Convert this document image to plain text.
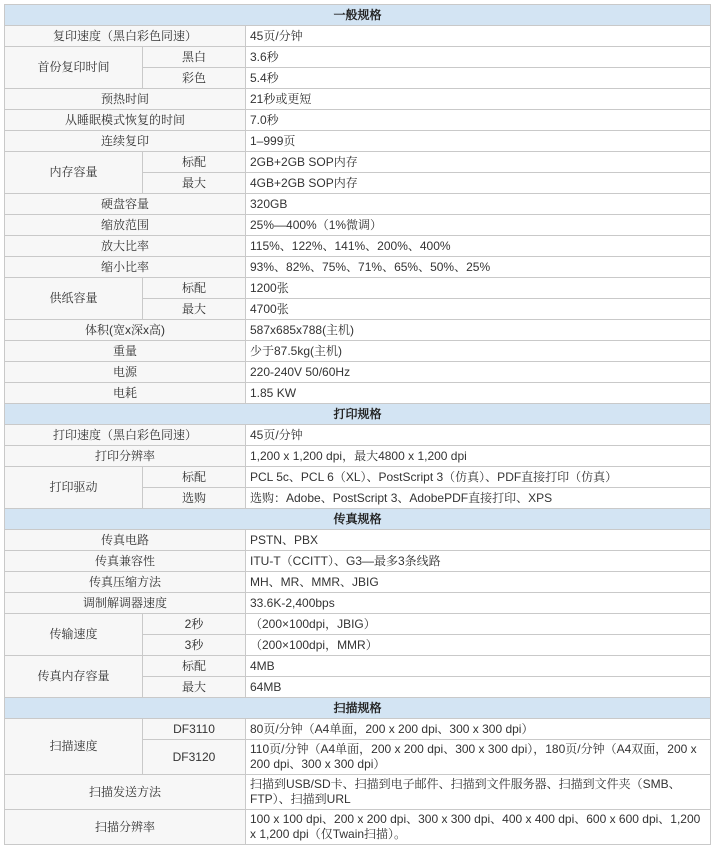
一般规格		
复印速度（黑白彩色同速）		45页/分钟
首份复印时间	黑白	3.6秒
	彩色	5.4秒
预热时间		21秒或更短
从睡眠模式恢复的时间		7.0秒
连续复印		1–999页
内存容量	标配	2GB+2GB SOP内存
	最大	4GB+2GB SOP内存
硬盘容量		320GB
缩放范围		25%—400%（1%微调）
放大比率		115%、122%、141%、200%、400%
缩小比率		93%、82%、75%、71%、65%、50%、25%
供纸容量	标配	1200张
	最大	4700张
体积(宽x深x高)		587x685x788(主机)
重量		少于87.5kg(主机)
电源		220-240V 50/60Hz
电耗		1.85 KW
打印规格		
打印速度（黑白彩色同速）		45页/分钟
打印分辨率		1,200 x 1,200 dpi，最大4800 x 1,200 dpi
打印驱动	标配	PCL 5c、PCL 6（XL）、PostScript 3（仿真）、PDF直接打印（仿真）
	选购	选购：Adobe、PostScript 3、AdobePDF直接打印、XPS
传真规格		
传真电路		PSTN、PBX
传真兼容性		ITU-T（CCITT）、G3—最多3条线路
传真压缩方法		MH、MR、MMR、JBIG
调制解调器速度		33.6K-2,400bps
传输速度	2秒	（200×100dpi，JBIG）
	3秒	（200×100dpi，MMR）
传真内存容量	标配	4MB
	最大	64MB
扫描规格		
扫描速度	DF3110	80页/分钟（A4单面，200 x 200 dpi、300 x 300 dpi）
	DF3120	110页/分钟（A4单面，200 x 200 dpi、300 x 300 dpi），180页/分钟（A4双面，200 x 200 dpi、300 x 300 dpi）
扫描发送方法		扫描到USB/SD卡、扫描到电子邮件、扫描到文件服务器、扫描到文件夹（SMB、FTP）、扫描到URL
扫描分辨率		100 x 100 dpi、200 x 200 dpi、300 x 300 dpi、400 x 400 dpi、600 x 600 dpi、1,200 x 1,200 dpi（仅Twain扫描）。
